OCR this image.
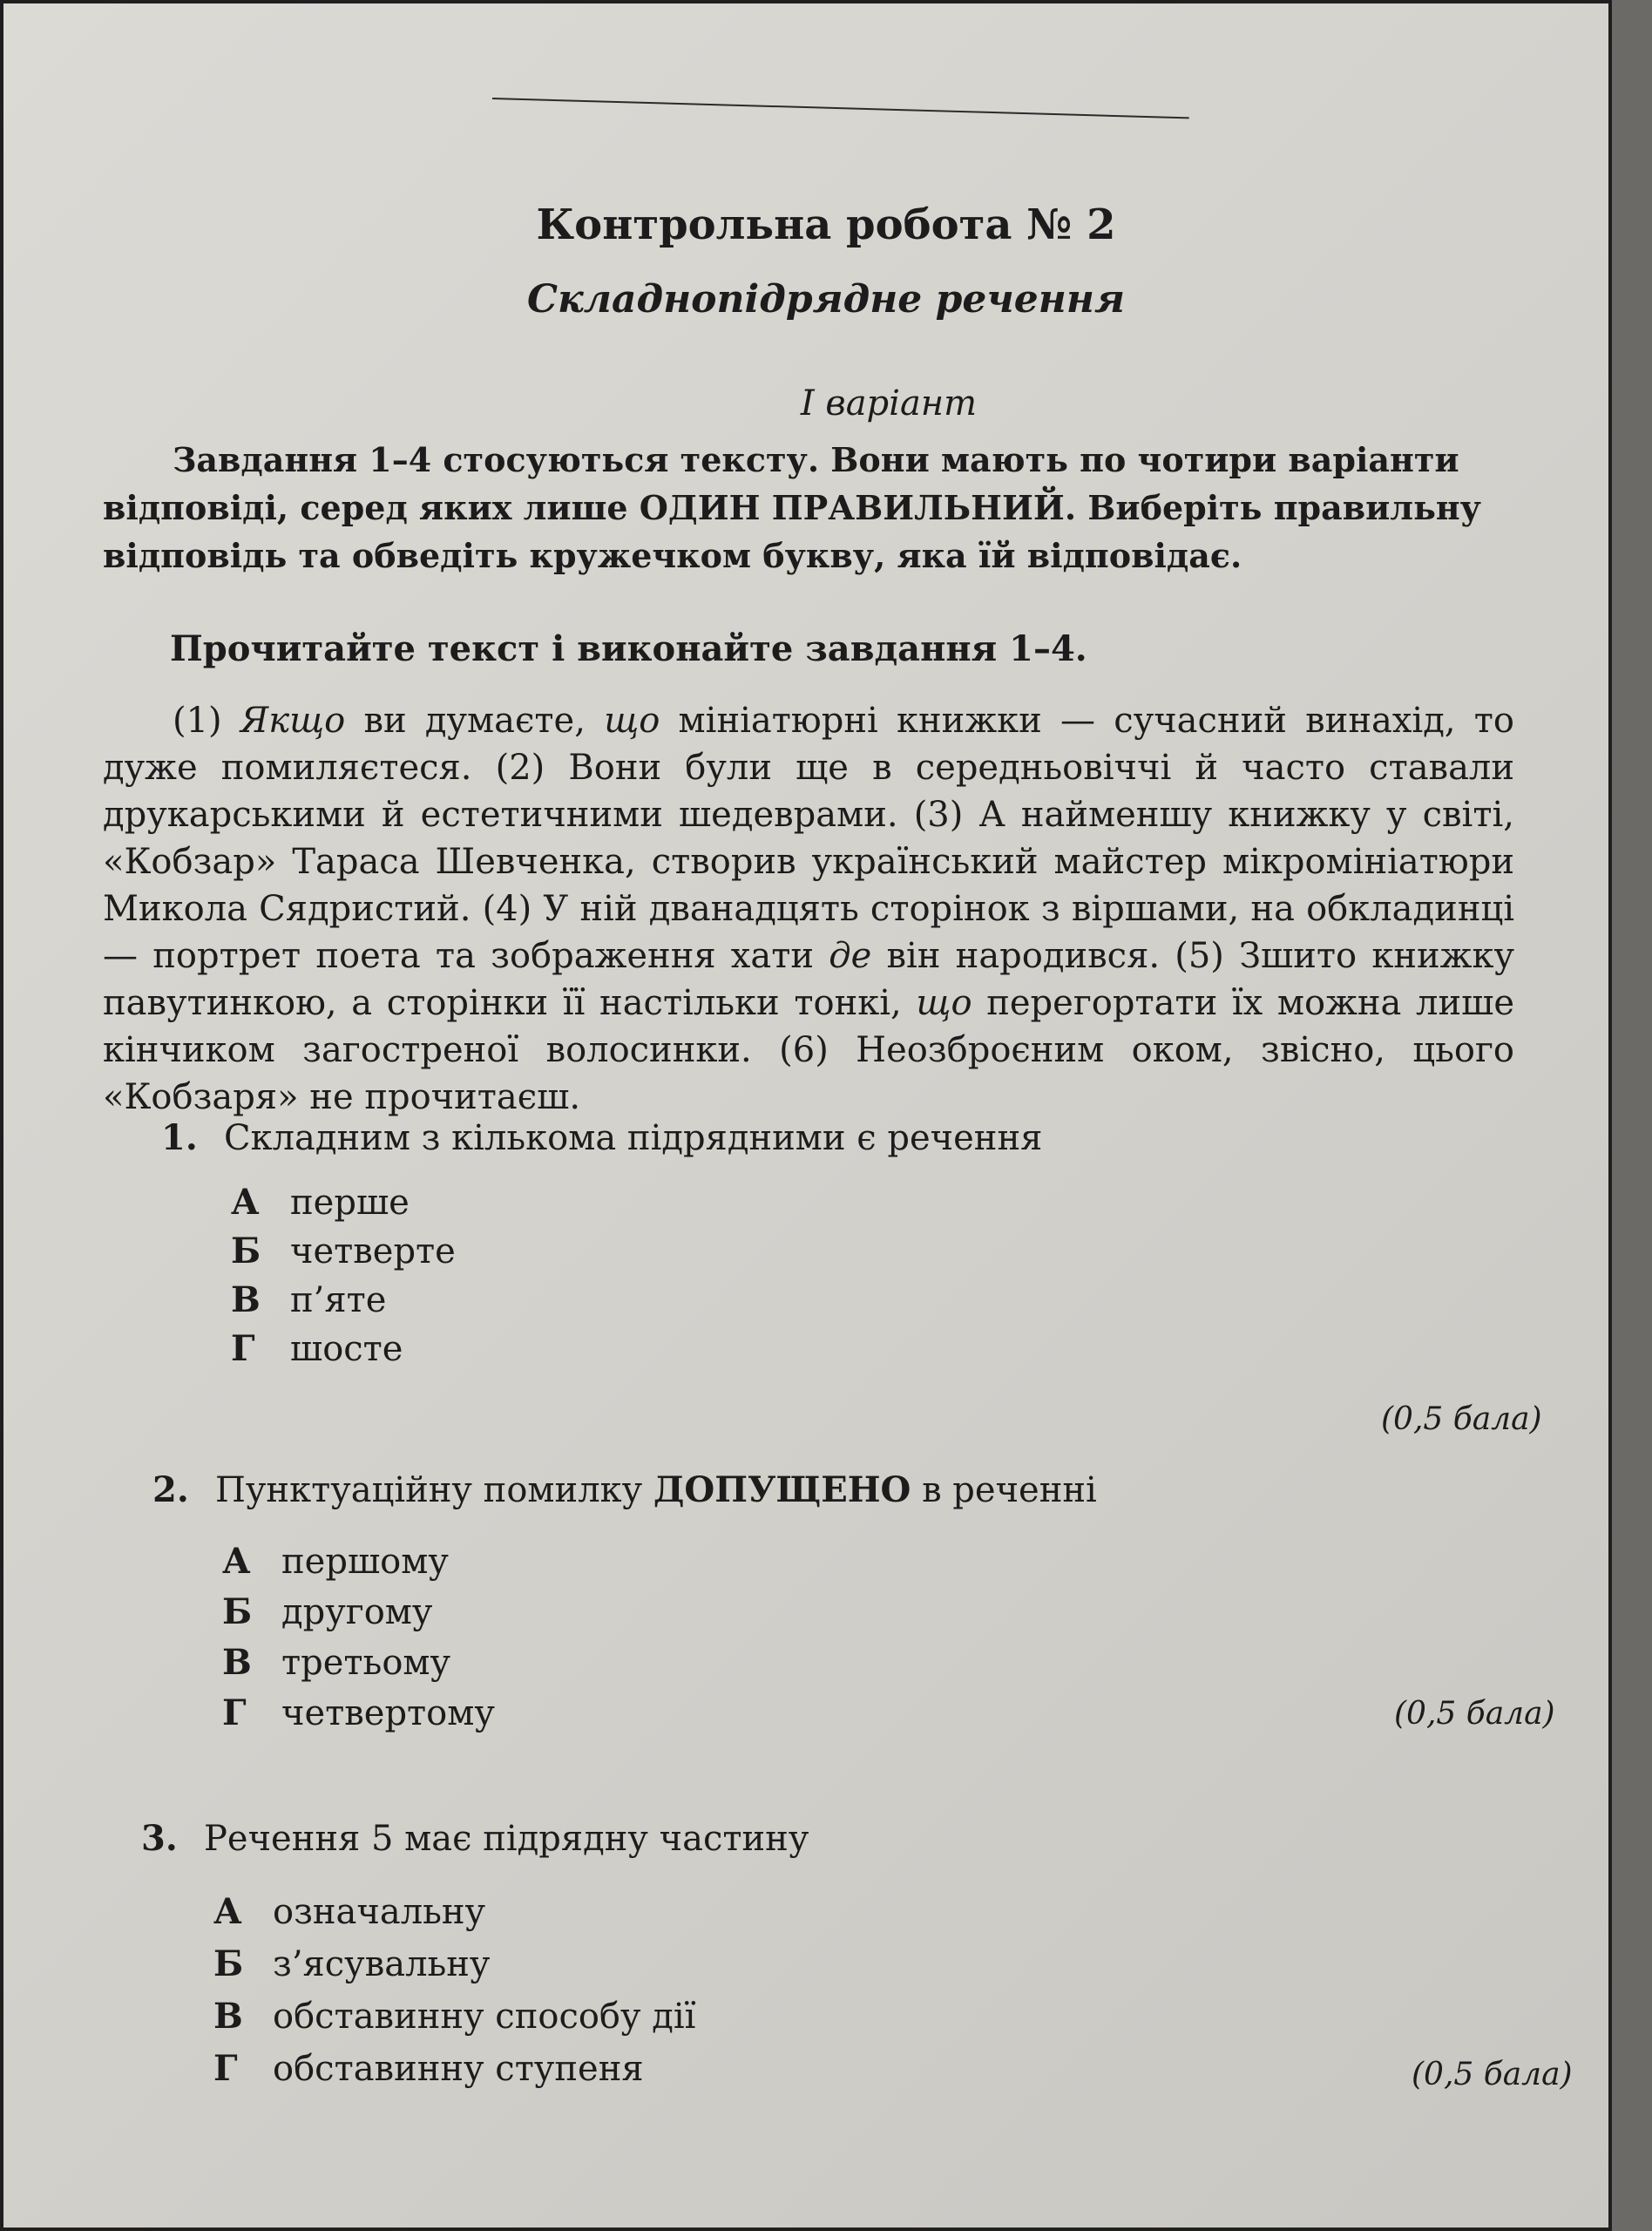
Контрольна робота № 2
Складнопідрядне речення
І варіант
Завдання 1–4 стосуються тексту. Вони мають по чотири варіанти відповіді, серед яких лише ОДИН ПРАВИЛЬНИЙ. Виберіть правильну відповідь та обведіть кружечком букву, яка їй відповідає.
Прочитайте текст і виконайте завдання 1–4.
(1) Якщо ви думаєте, що мініатюрні книжки — сучасний винахід, то дуже помиляєтеся. (2) Вони були ще в середньовіччі й часто ставали друкарськими й естетичними шедеврами. (3) А найменшу книжку у світі, «Кобзар» Тараса Шевченка, створив український майстер мікромініатюри Микола Сядристий. (4) У ній дванадцять сторінок з віршами, на обкладинці — портрет поета та зображення хати де він народився. (5) Зшито книжку павутинкою, а сторінки її настільки тонкі, що перегортати їх можна лише кінчиком загостреної волосинки. (6) Неозброєним оком, звісно, цього «Кобзаря» не прочитаєш.
1. Складним з кількома підрядними є речення
А перше
Б четверте
В п’яте
Г шосте
(0,5 бала)
2. Пунктуаційну помилку ДОПУЩЕНО в реченні
А першому
Б другому
В третьому
Г четвертому	(0,5 бала)
3. Речення 5 має підрядну частину
А означальну
Б з’ясувальну
В обставинну способу дії
Г обставинну ступеня	(0,5 бала)
